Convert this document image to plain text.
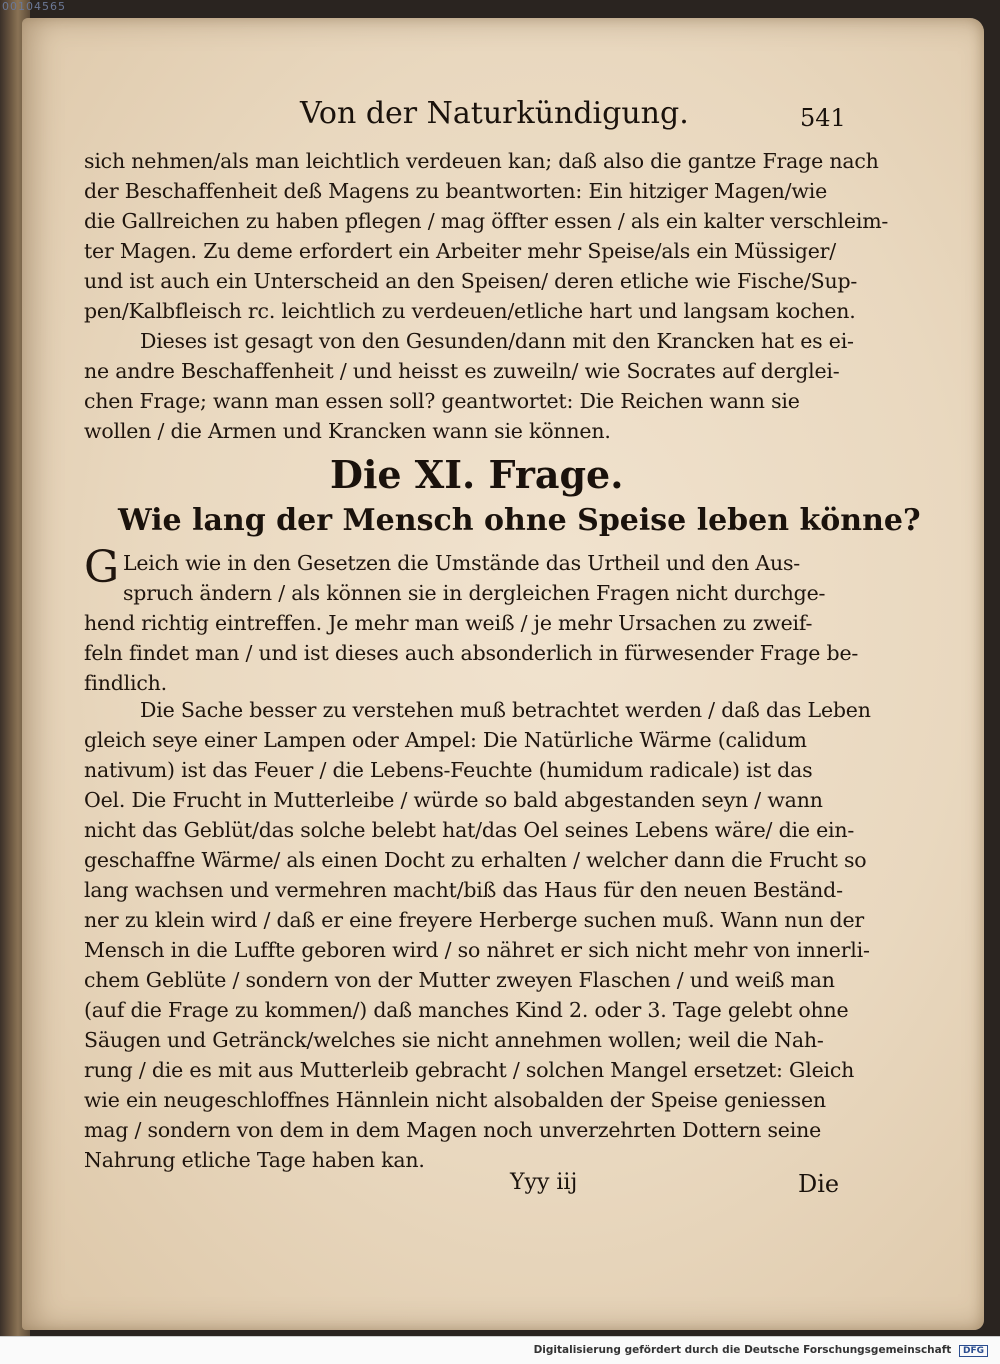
00104565
Von der Naturkündigung.	541
sich nehmen/als man leichtlich verdeuen kan; daß also die gantze Frage nach
der Beschaffenheit deß Magens zu beantworten: Ein hitziger Magen/wie
die Gallreichen zu haben pflegen / mag öffter essen / als ein kalter verschleim-
ter Magen. Zu deme erfordert ein Arbeiter mehr Speise/als ein Müssiger/
und ist auch ein Unterscheid an den Speisen/ deren etliche wie Fische/Sup-
pen/Kalbfleisch rc. leichtlich zu verdeuen/etliche hart und langsam kochen.
Dieses ist gesagt von den Gesunden/dann mit den Krancken hat es ei-
ne andre Beschaffenheit / und heisst es zuweiln/ wie Socrates auf derglei-
chen Frage; wann man essen soll? geantwortet: Die Reichen wann sie
wollen / die Armen und Krancken wann sie können.
Die XI. Frage.
Wie lang der Mensch ohne Speise leben könne?
G Leich wie in den Gesetzen die Umstände das Urtheil und den Aus-
spruch ändern / als können sie in dergleichen Fragen nicht durchge-
hend richtig eintreffen. Je mehr man weiß / je mehr Ursachen zu zweif-
feln findet man / und ist dieses auch absonderlich in fürwesender Frage be-
findlich.
Die Sache besser zu verstehen muß betrachtet werden / daß das Leben
gleich seye einer Lampen oder Ampel: Die Natürliche Wärme (calidum
nativum) ist das Feuer / die Lebens-Feuchte (humidum radicale) ist das
Oel. Die Frucht in Mutterleibe / würde so bald abgestanden seyn / wann
nicht das Geblüt/das solche belebt hat/das Oel seines Lebens wäre/ die ein-
geschaffne Wärme/ als einen Docht zu erhalten / welcher dann die Frucht so
lang wachsen und vermehren macht/biß das Haus für den neuen Beständ-
ner zu klein wird / daß er eine freyere Herberge suchen muß. Wann nun der
Mensch in die Luffte geboren wird / so nähret er sich nicht mehr von innerli-
chem Geblüte / sondern von der Mutter zweyen Flaschen / und weiß man
(auf die Frage zu kommen/) daß manches Kind 2. oder 3. Tage gelebt ohne
Säugen und Getränck/welches sie nicht annehmen wollen; weil die Nah-
rung / die es mit aus Mutterleib gebracht / solchen Mangel ersetzet: Gleich
wie ein neugeschloffnes Hännlein nicht alsobalden der Speise geniessen
mag / sondern von dem in dem Magen noch unverzehrten Dottern seine
Nahrung etliche Tage haben kan.
Yyy iij	Die
Digitalisierung gefördert durch die Deutsche Forschungsgemeinschaft DFG
